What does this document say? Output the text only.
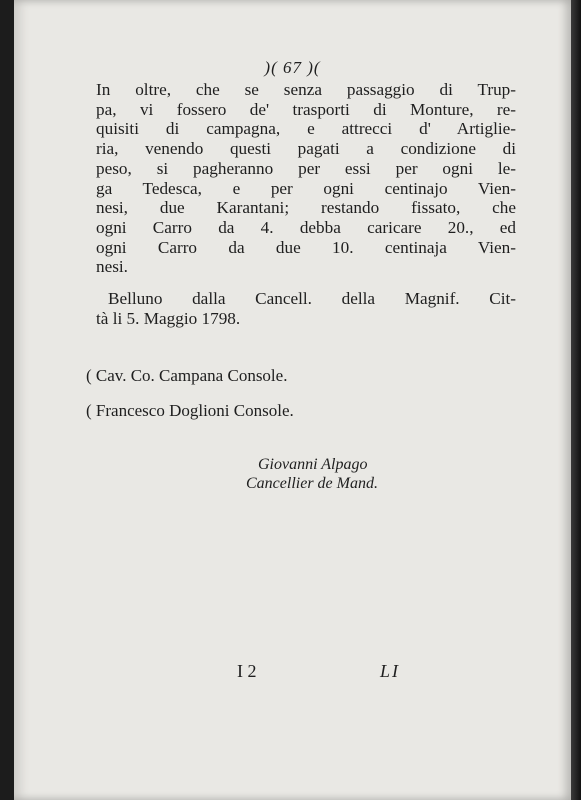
)( 67 )(
In oltre, che se senza passaggio di Trup-
pa, vi fossero de' trasporti di Monture, re-
quisiti di campagna, e attrecci d' Artiglie-
ria, venendo questi pagati a condizione di
peso, si pagheranno per essi per ogni le-
ga Tedesca, e per ogni centinajo Vien-
nesi, due Karantani; restando fissato, che
ogni Carro da 4. debba caricare 20., ed
ogni Carro da due 10. centinaja Vien-
nesi.
Belluno dalla Cancell. della Magnif. Cit-
tà li 5. Maggio 1798.
( Cav. Co. Campana Console.
( Francesco Doglioni Console.
Giovanni Alpago
Cancellier de Mand.
I 2	LI
